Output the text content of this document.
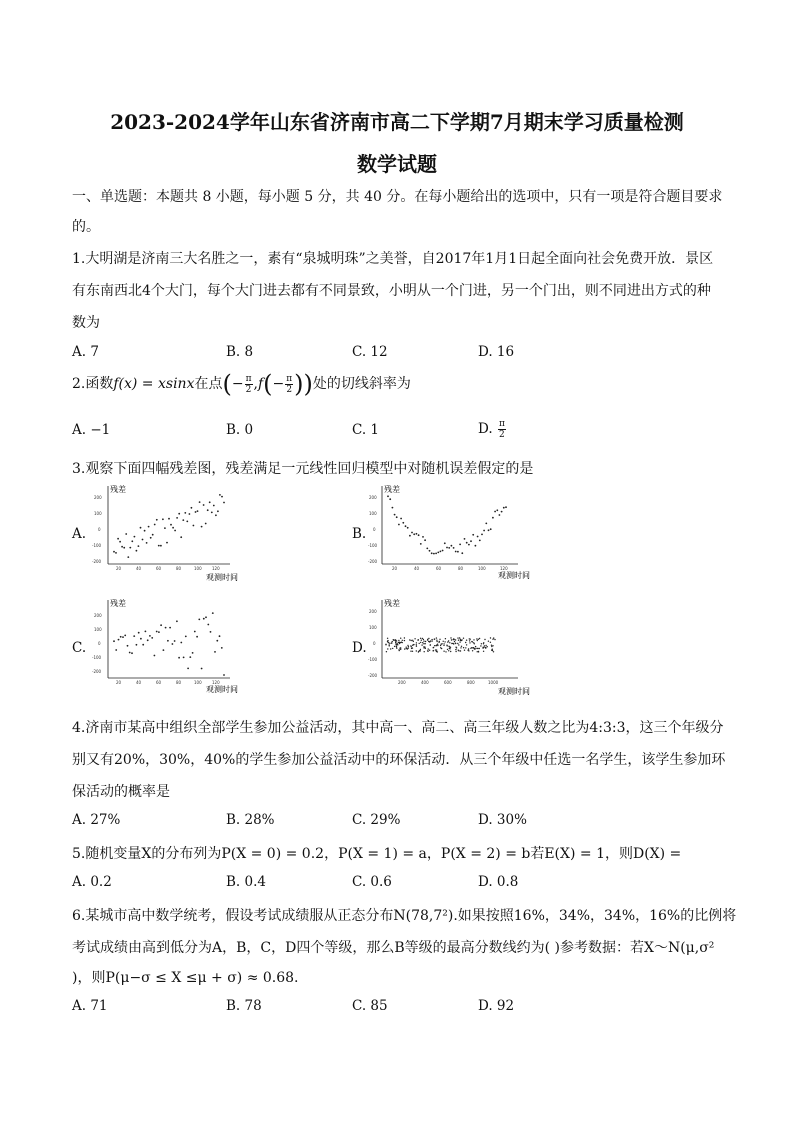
2023-2024学年山东省济南市高二下学期7月期末学习质量检测
数学试题
一、单选题：本题共 8 小题，每小题 5 分，共 40 分。在每小题给出的选项中，只有一项是符合题目要求
的。
1.大明湖是济南三大名胜之一，素有“泉城明珠”之美誉，自2017年1月1日起全面向社会免费开放．景区
有东南西北4个大门，每个大门进去都有不同景致，小明从一个门进，另一个门出，则不同进出方式的种
数为
A. 7	B. 8	C. 12	D. 16
2.函数f(x) = xsinx在点(− $\frac{\pi}{2} ,f(- \frac{\pi}{2}$ ))处的切线斜率为
A. −1	B. 0	C. 1	D. $\frac{\pi}{2}$
3.观察下面四幅残差图，残差满足一元线性回归模型中对随机误差假定的是
A.	B.
C.	D.
残差
观测时间
200
100
0
-100
-200
20	40	60	80	100	120
残差
观测时间
200
100
0
-100
-200
20	40	60	80	100	120
残差
观测时间
200
100
0
-100
-200
20	40	60	80	100	120
残差
观测时间
200
100
0
-100
-200
200	400	600	800	1000
4.济南市某高中组织全部学生参加公益活动，其中高一、高二、高三年级人数之比为4:3:3，这三个年级分
别又有20%，30%，40%的学生参加公益活动中的环保活动．从三个年级中任选一名学生，该学生参加环
保活动的概率是
A. 27%	B. 28%	C. 29%	D. 30%
5.随机变量X的分布列为P(X = 0) = 0.2，P(X = 1) = a，P(X = 2) = b若E(X) = 1，则D(X) =
A. 0.2	B. 0.4	C. 0.6	D. 0.8
6.某城市高中数学统考，假设考试成绩服从正态分布N(78,7²).如果按照16%，34%，34%，16%的比例将
考试成绩由高到低分为A，B，C，D四个等级，那么B等级的最高分数线约为( )参考数据：若X～N(μ,σ²
)，则P(μ−σ ≤ X ≤μ + σ) ≈ 0.68.
A. 71	B. 78	C. 85	D. 92
